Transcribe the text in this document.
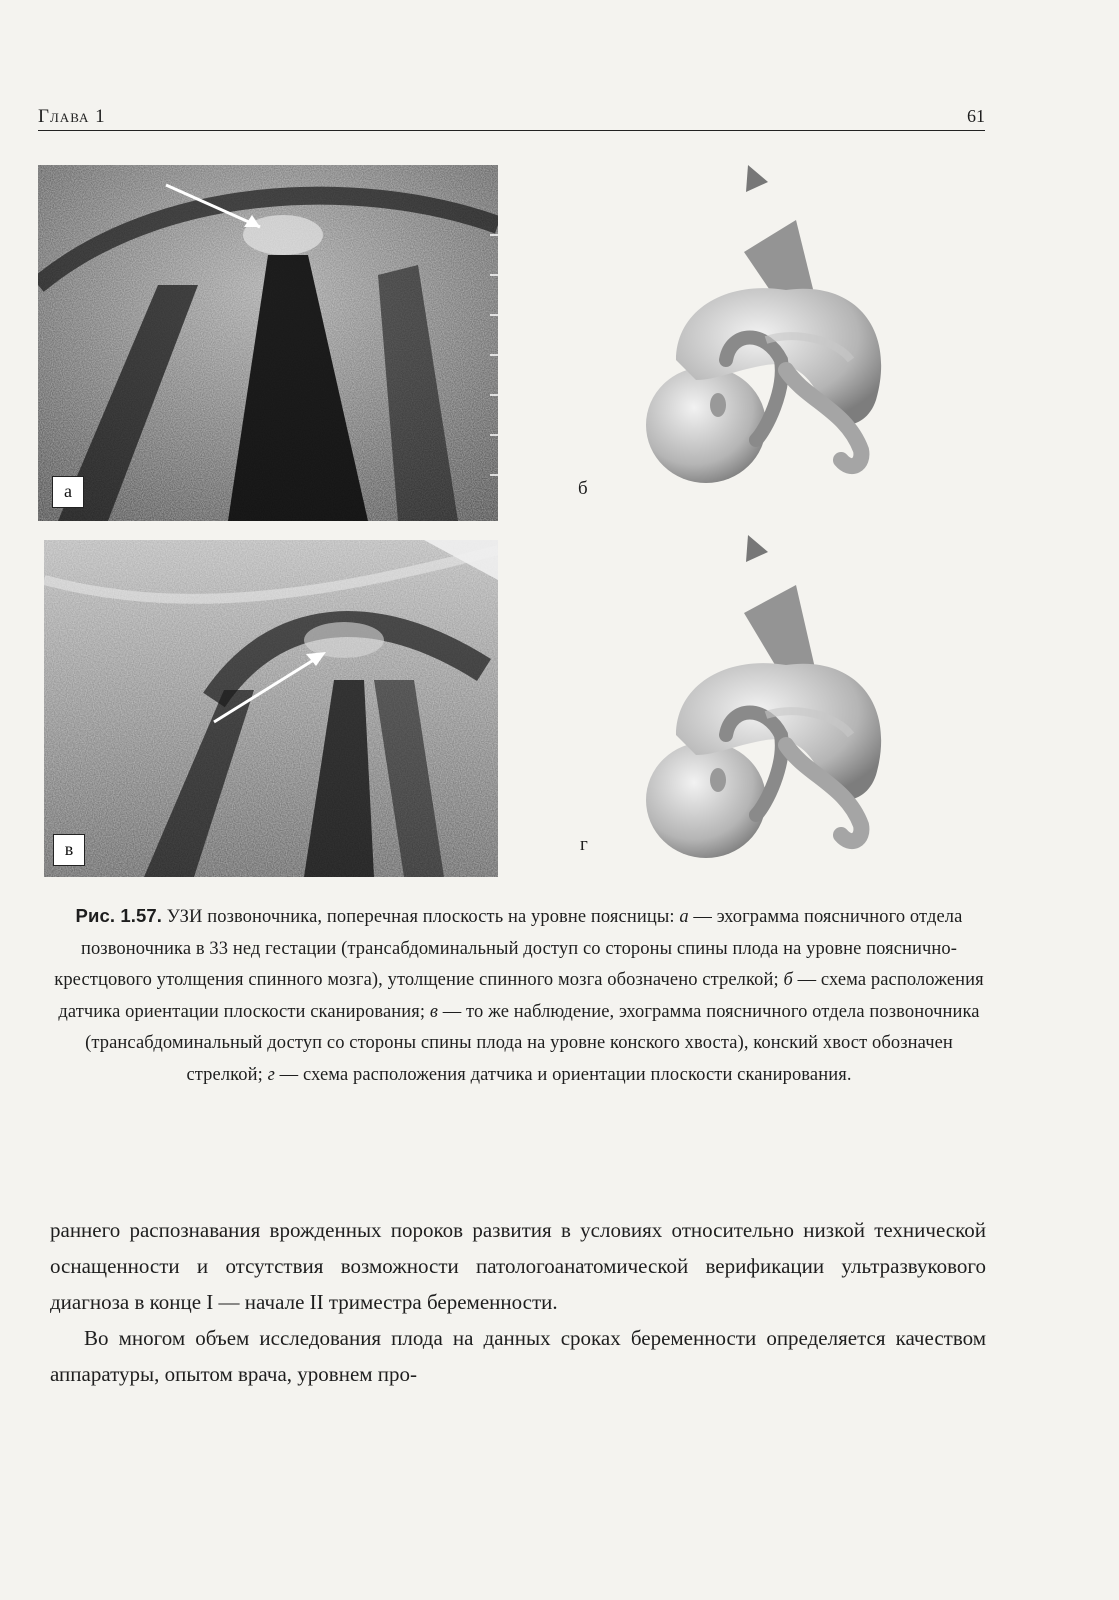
Глава 1	61
а
в
б
г
Рис. 1.57. УЗИ позвоночника, поперечная плоскость на уровне поясницы: а — эхограмма поясничного отдела позвоночника в 33 нед гестации (трансабдоминальный доступ со стороны спины плода на уровне пояснично-крестцового утолщения спинного мозга), утолщение спинного мозга обозначено стрелкой; б — схема расположения датчика ориентации плоскости сканирования; в — то же наблюдение, эхограмма поясничного отдела позвоночника (трансабдоминальный доступ со стороны спины плода на уровне конского хвоста), конский хвост обозначен стрелкой; г — схема расположения датчика и ориентации плоскости сканирования.

раннего распознавания врожденных пороков развития в условиях относительно низкой технической оснащенности и отсутствия возможности патологоанатомической верификации ультразвукового диагноза в конце I — начале II триместра беременности.

Во многом объем исследования плода на данных сроках беременности определяется качеством аппаратуры, опытом врача, уровнем про-
